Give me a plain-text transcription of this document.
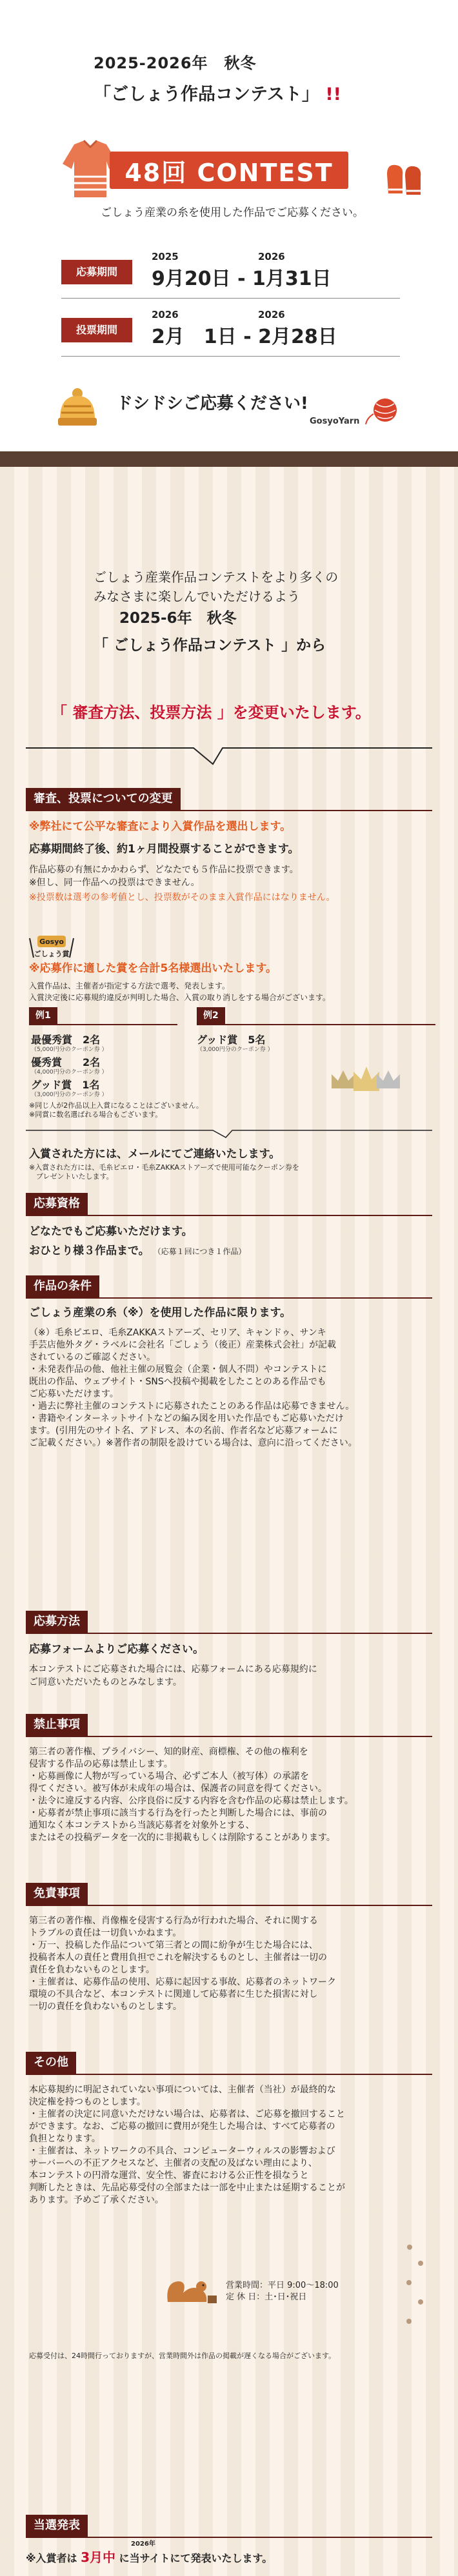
2025-2026年　秋冬
「ごしょう作品コンテスト」 !!
48回 CONTEST
ごしょう産業の糸を使用した作品でご応募ください。
応募期間
2025	2026
9月20日 - 1月31日
投票期間
2026	2026
2月　1日 - 2月28日
ドシドシご応募ください!
GosyoYarn
ごしょう産業作品コンテストをより多くの
みなさまに楽しんでいただけるよう
2025-6年　秋冬
「 ごしょう作品コンテスト 」から
「 審査方法、投票方法 」を変更いたします。
審査、投票についての変更
※弊社にて公平な審査により入賞作品を選出します。
応募期間終了後、約1ヶ月間投票することができます。
作品応募の有無にかかわらず、どなたでも５作品に投票できます。
※但し、同一作品への投票はできません。
※投票数は選考の参考値とし、投票数がそのまま入賞作品にはなりません。
Gosyo
ごしょう賞
※応募作に適した賞を合計5名様選出いたします。
入賞作品は、主催者が指定する方法で選考、発表します。
入賞決定後に応募規約違反が判明した場合、入賞の取り消しをする場合がございます。
例1	例2
最優秀賞　2名
（5,000円分のクーポン券 ）
優秀賞　　2名
（4,000円分のクーポン券 ）
グッド賞　1名
（3,000円分のクーポン券 ）
グッド賞　5名
（3,000円分のクーポン券 ）
※同じ人が2作品以上入賞になることはございません。
※同賞に数名選ばれる場合もございます。
入賞された方には、メールにてご連絡いたします。
※入賞された方には、毛糸ピエロ・毛糸ZAKKAストアーズで使用可能なクーポン券を
　プレゼントいたします。
応募資格
どなたでもご応募いただけます。
おひとり様３作品まで。 （応募１回につき１作品）
作品の条件
ごしょう産業の糸（※）を使用した作品に限ります。
（※）毛糸ピエロ、毛糸ZAKKAストアーズ、セリア、キャンドゥ、サンキ
手芸店他外タグ・ラベルに会社名「ごしょう（後正）産業株式会社」が記載
されているのご確認ください。
・未発表作品の他、他社主催の展覧会（企業・個人不問）やコンテストに
既出の作品、ウェブサイト・SNSへ投稿や掲載をしたことのある作品でも
ご応募いただけます。
・過去に弊社主催のコンテストに応募されたことのある作品は応募できません。
・書籍やインターネットサイトなどの編み図を用いた作品でもご応募いただけ
ます。(引用先のサイト名、アドレス、本の名前、作者名など応募フォームに
ご記載ください。）※著作者の制限を設けている場合は、意向に沿ってください。
応募方法
応募フォームよりご応募ください。
本コンテストにご応募された場合には、応募フォームにある応募規約に
ご同意いただいたものとみなします。
禁止事項
第三者の著作権、プライバシー、知的財産、商標権、その他の権利を
侵害する作品の応募は禁止します。
・応募画像に人物が写っている場合、必ずご本人（被写体）の承諾を
得てください。被写体が未成年の場合は、保護者の同意を得てください。
・法令に違反する内容、公序良俗に反する内容を含む作品の応募は禁止します。
・応募者が禁止事項に該当する行為を行ったと判断した場合には、事前の
通知なく本コンテストから当該応募者を対象外とする、
またはその投稿データを一次的に非掲載もしくは削除することがあります。
免責事項
第三者の著作権、肖像権を侵害する行為が行われた場合、それに関する
トラブルの責任は一切負いかねます。
・万一、投稿した作品について第三者との間に紛争が生じた場合には、
投稿者本人の責任と費用負担でこれを解決するものとし、主催者は一切の
責任を負わないものとします。
・主催者は、応募作品の使用、応募に起因する事故、応募者のネットワーク
環境の不具合など、本コンテストに関連して応募者に生じた損害に対し
一切の責任を負わないものとします。
その他
本応募規約に明記されていない事項については、主催者（当社）が最終的な
決定権を持つものとします。
・主催者の決定に同意いただけない場合は、応募者は、ご応募を撤回すること
ができます。なお、ご応募の撤回に費用が発生した場合は、すべて応募者の
負担となります。
・主催者は、ネットワークの不具合、コンピューターウィルスの影響および
サーバーへの不正アクセスなど、主催者の支配の及ばない理由により、
本コンテストの円滑な運営、安全性、審査における公正性を損なうと
判断したときは、先品応募受付の全部または一部を中止または延期することが
あります。予めご了承ください。
営業時間：平日 9:00～18:00
定 休 日：土･日･祝日
応募受付は、24時間行っておりますが、営業時間外は作品の掲載が遅くなる場合がございます。
当選発表
※入賞者は
2026年
3月中 に当サイトにて発表いたします。
